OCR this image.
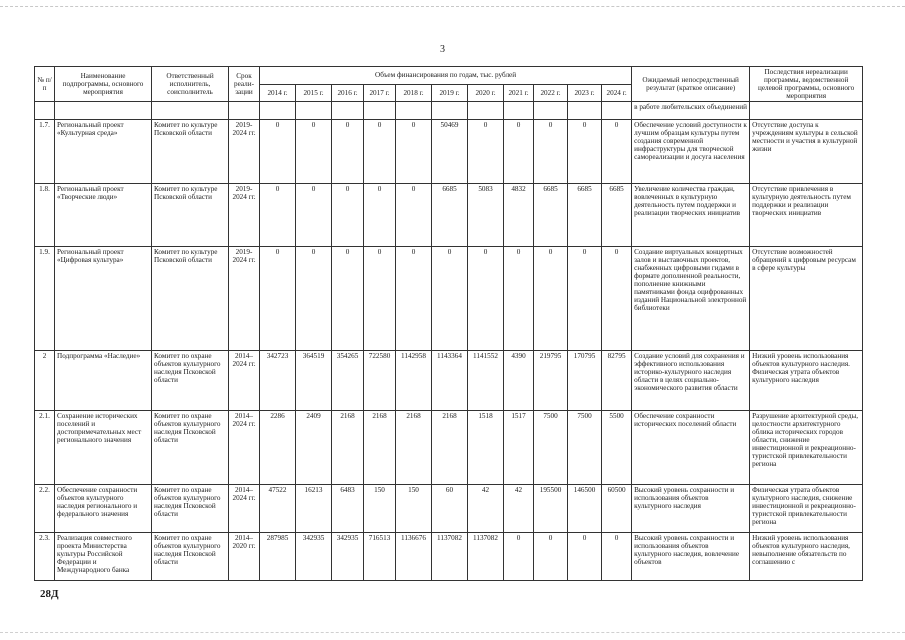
3
№ п/п	Наименование подпрограммы, основного мероприятия	Ответственный исполнитель, соисполнитель	Срок реали-зации	Объем финансирования по годам, тыс. рублей											Ожидаемый непосредственный результат (краткое описание)	Последствия нереализации программы, ведомственной целевой программы, основного мероприятия
				2014 г.	2015 г.	2016 г.	2017 г.	2018 г.	2019 г.	2020 г.	2021 г.	2022 г.	2023 г.	2024 г.		
															в работе любительских объединений	
1.7.	Региональный проект «Культурная среда»	Комитет по культуре Псковской области	2019-2024 гг.	0	0	0	0	0	50469	0	0	0	0	0	Обеспечение условий доступности к лучшим образцам культуры путем создания современной инфраструктуры для творческой самореализации и досуга населения	Отсутствие доступа к учреждениям культуры в сельской местности и участия в культурной жизни
1.8.	Региональный проект «Творческие люди»	Комитет по культуре Псковской области	2019-2024 гг.	0	0	0	0	0	6685	5083	4832	6685	6685	6685	Увеличение количества граждан, вовлеченных в культурную деятельность путем поддержки и реализации творческих инициатив	Отсутствие привлечения в культурную деятельность путем поддержки и реализации творческих инициатив
1.9.	Региональный проект «Цифровая культура»	Комитет по культуре Псковской области	2019-2024 гг.	0	0	0	0	0	0	0	0	0	0	0	Создание виртуальных концертных залов и выставочных проектов, снабженных цифровыми гидами в формате дополненной реальности, пополнение книжными памятниками фонда оцифрованных изданий Национальной электронной библиотеки	Отсутствие возможностей обращений к цифровым ресурсам в сфере культуры
2	Подпрограмма «Наследие»	Комитет по охране объектов культурного наследия Псковской области	2014–2024 гг.	342723	364519	354265	722580	1142958	1143364	1141552	4390	219795	170795	82795	Создание условий для сохранения и эффективного использования историко-культурного наследия области в целях социально-экономического развития области	Низкий уровень использования объектов культурного наследия. Физическая утрата объектов культурного наследия
2.1.	Сохранение исторических поселений и достопримечательных мест регионального значения	Комитет по охране объектов культурного наследия Псковской области	2014–2024 гг.	2286	2409	2168	2168	2168	2168	1518	1517	7500	7500	5500	Обеспечение сохранности исторических поселений области	Разрушение архитектурной среды, целостности архитектурного облика исторических городов области, снижение инвестиционной и рекреационно-туристской привлекательности региона
2.2.	Обеспечение сохранности объектов культурного наследия регионального и федерального значения	Комитет по охране объектов культурного наследия Псковской области	2014–2024 гг.	47522	16213	6483	150	150	60	42	42	195500	146500	60500	Высокий уровень сохранности и использования объектов культурного наследия	Физическая утрата объектов культурного наследия, снижение инвестиционной и рекреационно-туристской привлекательности региона
2.3.	Реализация совместного проекта Министерства культуры Российской Федерации и Международного банка	Комитет по охране объектов культурного наследия Псковской области	2014–2020 гг.	287985	342935	342935	716513	1136676	1137082	1137082	0	0	0	0	Высокий уровень сохранности и использования объектов культурного наследия, вовлечение объектов	Низкий уровень использования объектов культурного наследия, невыполнение обязательств по соглашению с
28Д
